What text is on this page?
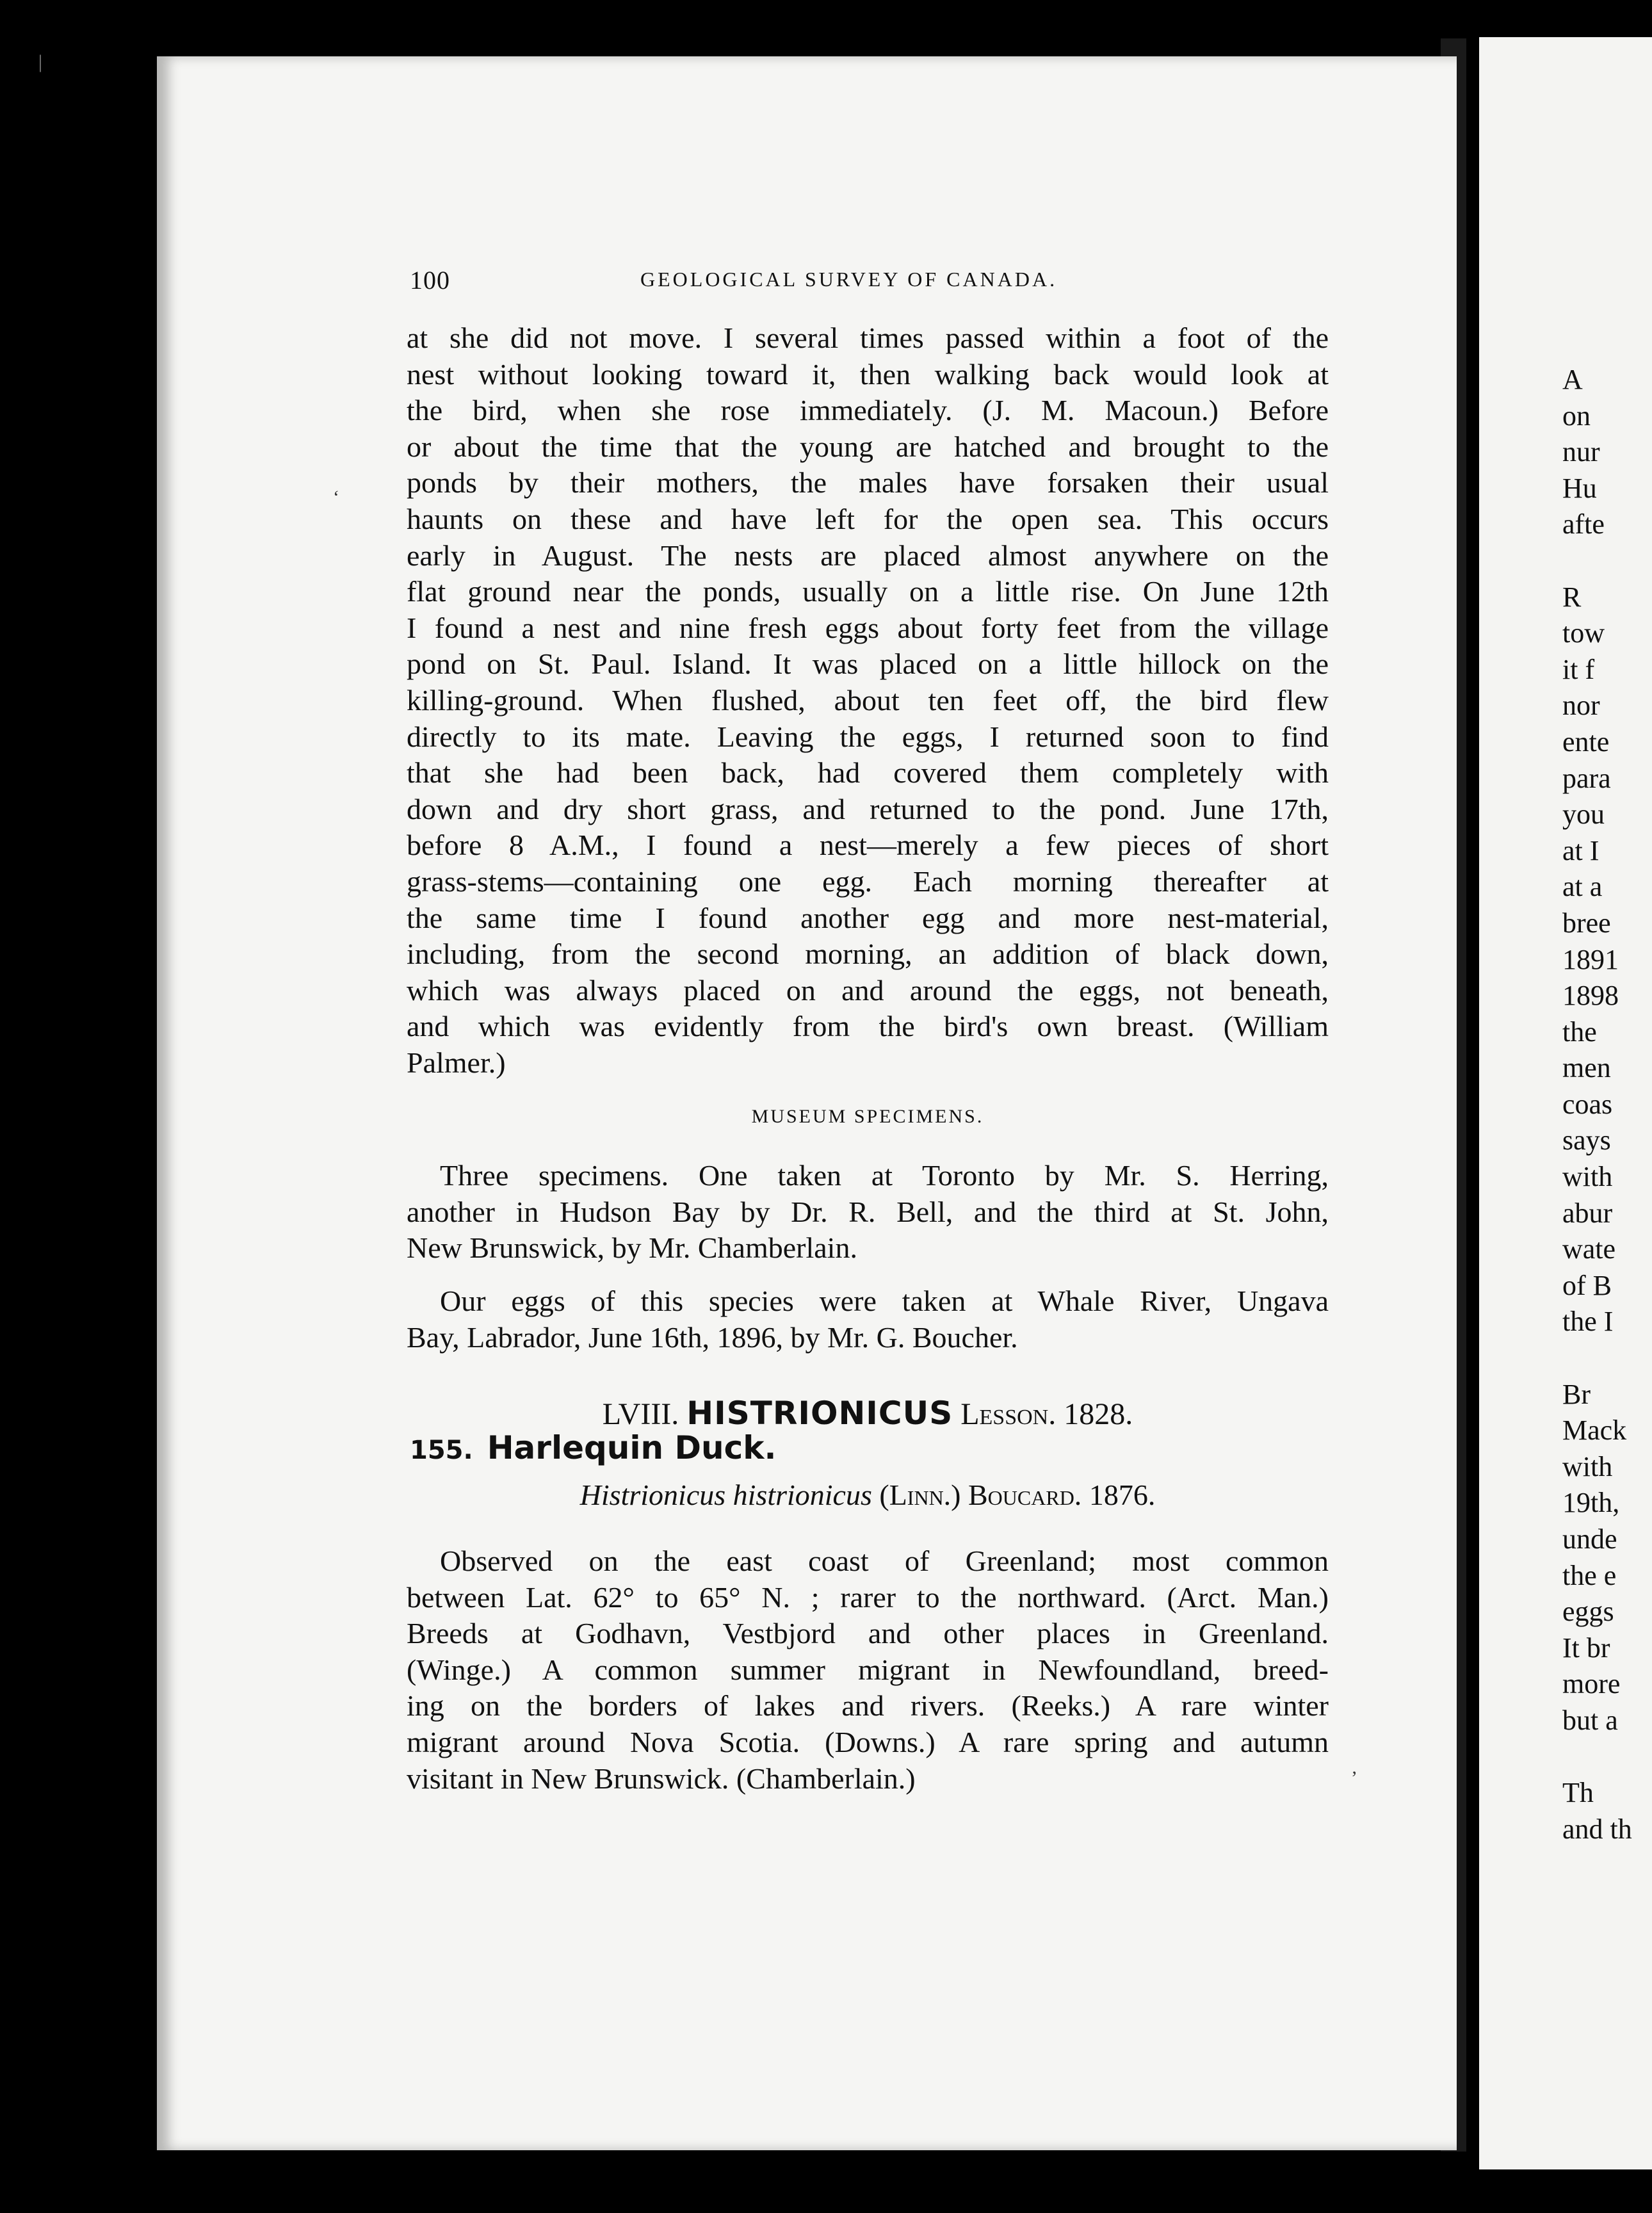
100	GEOLOGICAL SURVEY OF CANADA.
at she did not move. I several times passed within a foot of the
nest without looking toward it, then walking back would look at
the bird, when she rose immediately. (J. M. Macoun.) Before
or about the time that the young are hatched and brought to the
ponds by their mothers, the males have forsaken their usual
haunts on these and have left for the open sea. This occurs
early in August. The nests are placed almost anywhere on the
flat ground near the ponds, usually on a little rise. On June 12th
I found a nest and nine fresh eggs about forty feet from the village
pond on St. Paul. Island. It was placed on a little hillock on the
killing-ground. When flushed, about ten feet off, the bird flew
directly to its mate. Leaving the eggs, I returned soon to find
that she had been back, had covered them completely with
down and dry short grass, and returned to the pond. June 17th,
before 8 A.M., I found a nest—merely a few pieces of short
grass-stems—containing one egg. Each morning thereafter at
the same time I found another egg and more nest-material,
including, from the second morning, an addition of black down,
which was always placed on and around the eggs, not beneath,
and which was evidently from the bird's own breast. (William
Palmer.)
MUSEUM SPECIMENS.
Three specimens. One taken at Toronto by Mr. S. Herring,
another in Hudson Bay by Dr. R. Bell, and the third at St. John,
New Brunswick, by Mr. Chamberlain.
Our eggs of this species were taken at Whale River, Ungava
Bay, Labrador, June 16th, 1896, by Mr. G. Boucher.
LVIII. HISTRIONICUS Lesson. 1828.
155. Harlequin Duck.
Histrionicus histrionicus (Linn.) Boucard. 1876.
Observed on the east coast of Greenland; most common
between Lat. 62° to 65° N. ; rarer to the northward. (Arct. Man.)
Breeds at Godhavn, Vestbjord and other places in Greenland.
(Winge.) A common summer migrant in Newfoundland, breed-
ing on the borders of lakes and rivers. (Reeks.) A rare winter
migrant around Nova Scotia. (Downs.) A rare spring and autumn
visitant in New Brunswick. (Chamberlain.)
A
on
nur
Hu
afte
R
tow
it f
nor
ente
para
you
at I
at a
bree
1891
1898
the
men
coas
says
with
abur
wate
of B
the I
Br
Mack
with
19th,
unde
the e
eggs
It br
more
but a
Th
and th
‘
’
|
